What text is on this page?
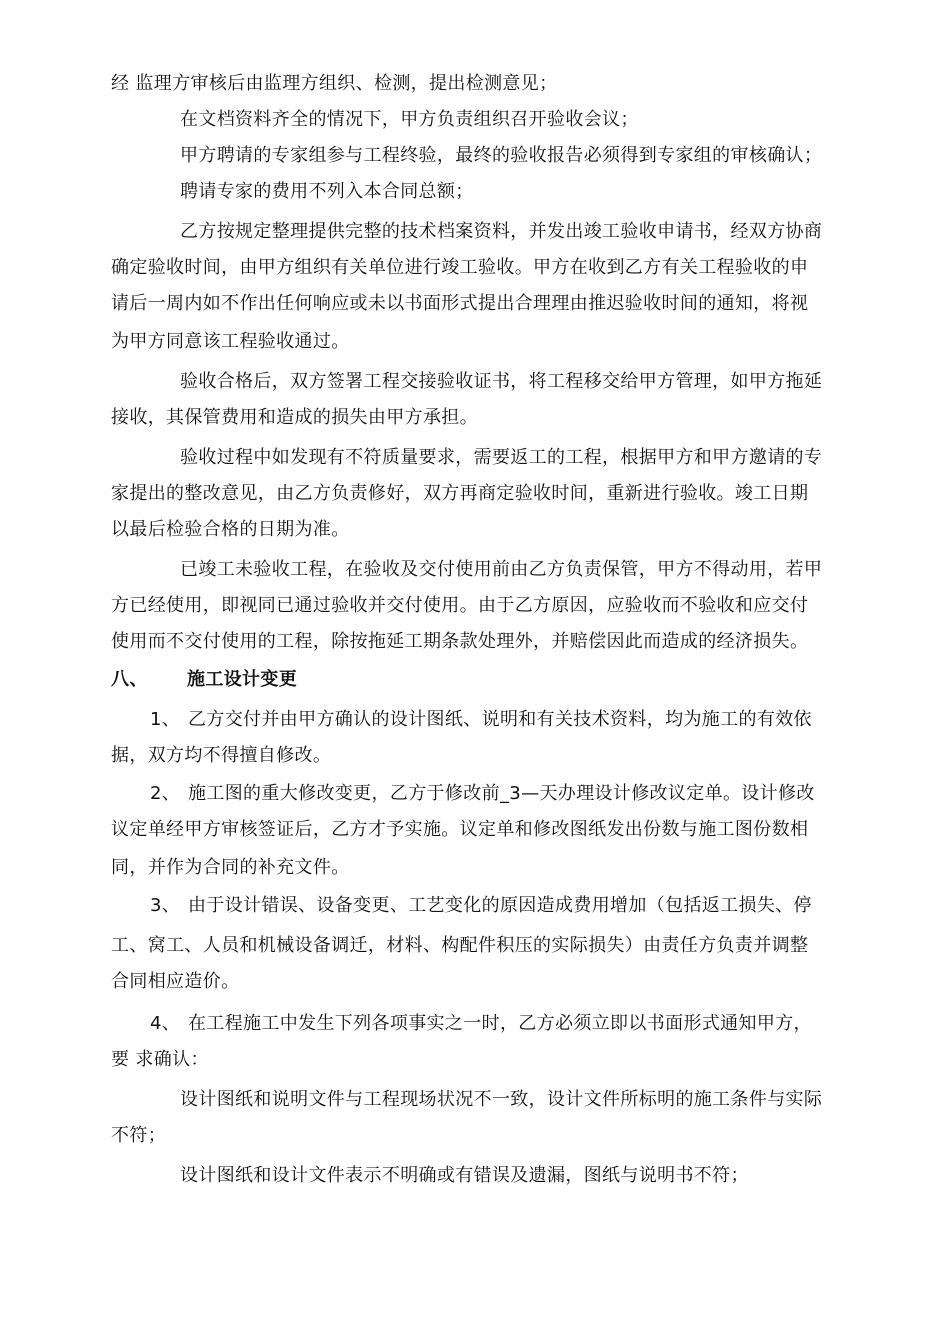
经 监理方审核后由监理方组织、检测，提出检测意见；
在文档资料齐全的情况下，甲方负责组织召开验收会议；
甲方聘请的专家组参与工程终验，最终的验收报告必须得到专家组的审核确认；
聘请专家的费用不列入本合同总额；
乙方按规定整理提供完整的技术档案资料，并发出竣工验收申请书，经双方协商
确定验收时间，由甲方组织有关单位进行竣工验收。甲方在收到乙方有关工程验收的申
请后一周内如不作出任何响应或未以书面形式提出合理理由推迟验收时间的通知，将视
为甲方同意该工程验收通过。
验收合格后，双方签署工程交接验收证书，将工程移交给甲方管理，如甲方拖延
接收，其保管费用和造成的损失由甲方承担。
验收过程中如发现有不符质量要求，需要返工的工程，根据甲方和甲方邀请的专
家提出的整改意见，由乙方负责修好，双方再商定验收时间，重新进行验收。竣工日期
以最后检验合格的日期为准。
已竣工未验收工程，在验收及交付使用前由乙方负责保管，甲方不得动用，若甲
方已经使用，即视同已通过验收并交付使用。由于乙方原因，应验收而不验收和应交付
使用而不交付使用的工程，除按拖延工期条款处理外，并赔偿因此而造成的经济损失。
八、 施工设计变更
1、 乙方交付并由甲方确认的设计图纸、说明和有关技术资料，均为施工的有效依
据，双方均不得擅自修改。
2、 施工图的重大修改变更，乙方于修改前_3—天办理设计修改议定单。设计修改
议定单经甲方审核签证后，乙方才予实施。议定单和修改图纸发出份数与施工图份数相
同，并作为合同的补充文件。
3、 由于设计错误、设备变更、工艺变化的原因造成费用增加（包括返工损失、停
工、窝工、人员和机械设备调迁，材料、构配件积压的实际损失）由责任方负责并调整
合同相应造价。
4、 在工程施工中发生下列各项事实之一时，乙方必须立即以书面形式通知甲方，
要 求确认：
设计图纸和说明文件与工程现场状况不一致，设计文件所标明的施工条件与实际
不符；
设计图纸和设计文件表示不明确或有错误及遗漏，图纸与说明书不符；
